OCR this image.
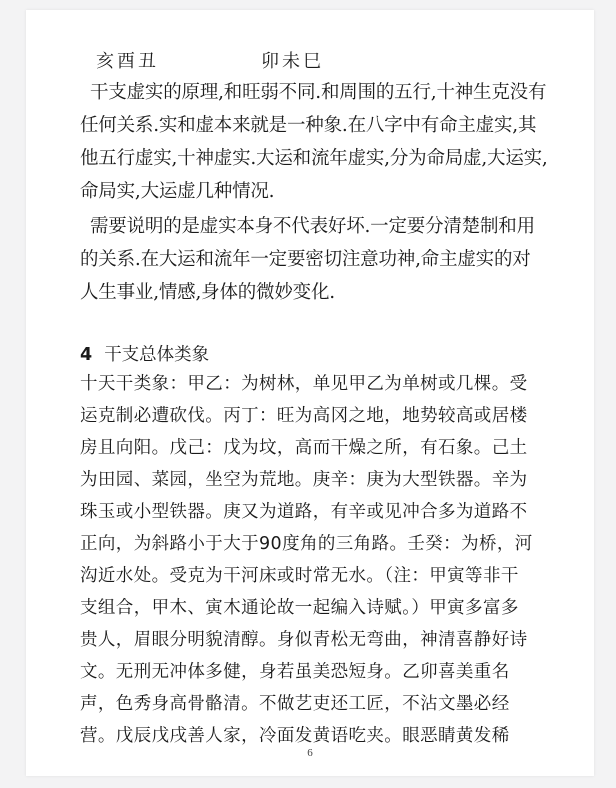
亥酉丑	卯未巳
干支虚实的原理,和旺弱不同.和周围的五行,十神生克没有
任何关系.实和虚本来就是一种象.在八字中有命主虚实,其
他五行虚实,十神虚实.大运和流年虚实,分为命局虚,大运实,
命局实,大运虚几种情况.
需要说明的是虚实本身不代表好坏.一定要分清楚制和用
的关系.在大运和流年一定要密切注意功神,命主虚实的对
人生事业,情感,身体的微妙变化.
4 干支总体类象
十天干类象：甲乙：为树林，单见甲乙为单树或几棵。受
运克制必遭砍伐。丙丁：旺为高冈之地，地势较高或居楼
房且向阳。戊己：戊为坟，高而干燥之所，有石象。己土
为田园、菜园，坐空为荒地。庚辛：庚为大型铁器。辛为
珠玉或小型铁器。庚又为道路，有辛或见冲合多为道路不
正向，为斜路小于大于90度角的三角路。壬癸：为桥，河
沟近水处。受克为干河床或时常无水。（注：甲寅等非干
支组合，甲木、寅木通论故一起编入诗赋。）甲寅多富多
贵人，眉眼分明貌清醇。身似青松无弯曲，神清喜静好诗
文。无刑无冲体多健，身若虽美恐短身。乙卯喜美重名
声，色秀身高骨骼清。不做艺吏还工匠，不沾文墨必经
营。戊辰戊戌善人家，冷面发黄语吃夹。眼恶睛黄发稀
6
